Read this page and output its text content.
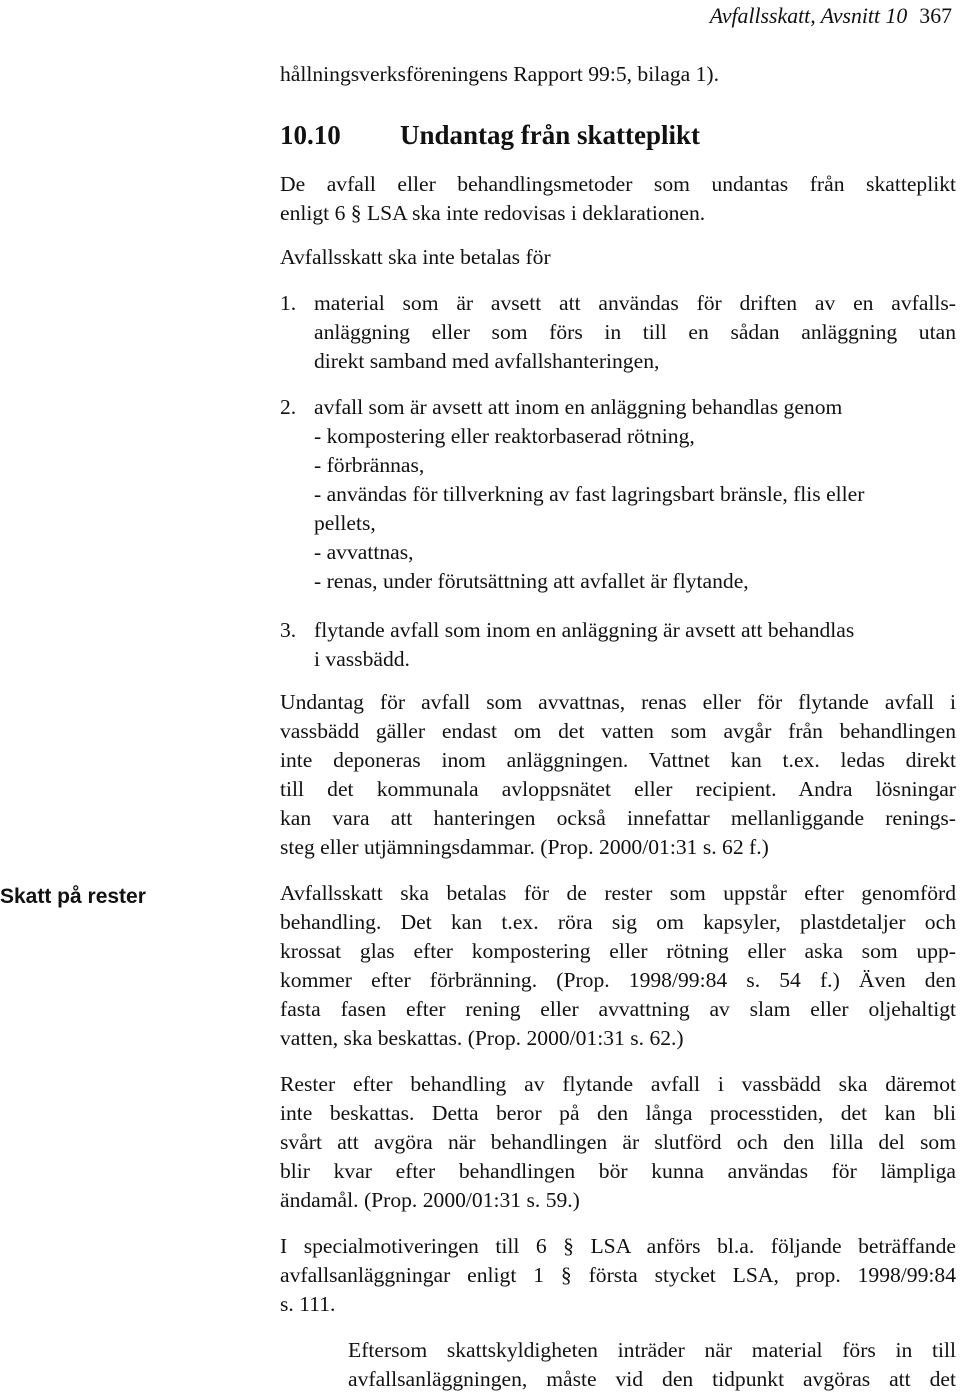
Avfallsskatt, Avsnitt 10 367
Skatt på rester
hållningsverksföreningens Rapport 99:5, bilaga 1).
10.10 Undantag från skatteplikt
De avfall eller behandlingsmetoder som undantas från skatteplikt
enligt 6 § LSA ska inte redovisas i deklarationen.
Avfallsskatt ska inte betalas för
1. material som är avsett att användas för driften av en avfalls-
anläggning eller som förs in till en sådan anläggning utan
direkt samband med avfallshanteringen,
2. avfall som är avsett att inom en anläggning behandlas genom
- kompostering eller reaktorbaserad rötning,
- förbrännas,
- användas för tillverkning av fast lagringsbart bränsle, flis eller
pellets,
- avvattnas,
- renas, under förutsättning att avfallet är flytande,
3. flytande avfall som inom en anläggning är avsett att behandlas
i vassbädd.
Undantag för avfall som avvattnas, renas eller för flytande avfall i
vassbädd gäller endast om det vatten som avgår från behandlingen
inte deponeras inom anläggningen. Vattnet kan t.ex. ledas direkt
till det kommunala avloppsnätet eller recipient. Andra lösningar
kan vara att hanteringen också innefattar mellanliggande renings-
steg eller utjämningsdammar. (Prop. 2000/01:31 s. 62 f.)
Avfallsskatt ska betalas för de rester som uppstår efter genomförd
behandling. Det kan t.ex. röra sig om kapsyler, plastdetaljer och
krossat glas efter kompostering eller rötning eller aska som upp-
kommer efter förbränning. (Prop. 1998/99:84 s. 54 f.) Även den
fasta fasen efter rening eller avvattning av slam eller oljehaltigt
vatten, ska beskattas. (Prop. 2000/01:31 s. 62.)
Rester efter behandling av flytande avfall i vassbädd ska däremot
inte beskattas. Detta beror på den långa processtiden, det kan bli
svårt att avgöra när behandlingen är slutförd och den lilla del som
blir kvar efter behandlingen bör kunna användas för lämpliga
ändamål. (Prop. 2000/01:31 s. 59.)
I specialmotiveringen till 6 § LSA anförs bl.a. följande beträffande
avfallsanläggningar enligt 1 § första stycket LSA, prop. 1998/99:84
s. 111.
Eftersom skattskyldigheten inträder när material förs in till
avfallsanläggningen, måste vid den tidpunkt avgöras att det
